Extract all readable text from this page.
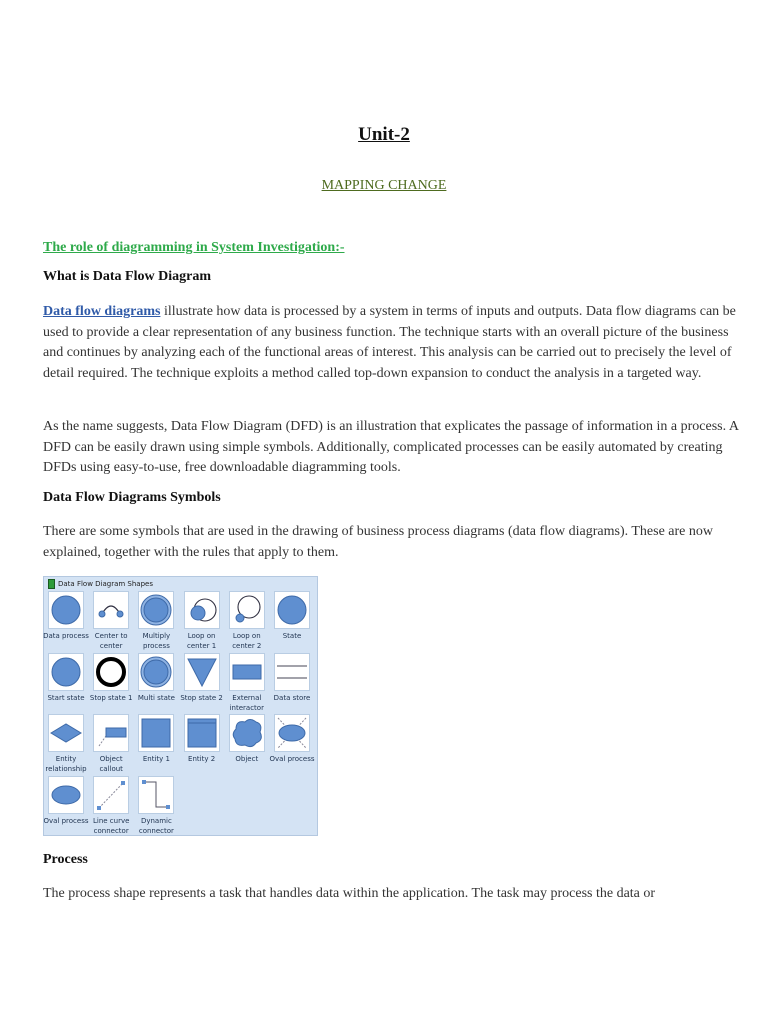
Unit-2
MAPPING CHANGE
The role of diagramming in System Investigation:-
What is Data Flow Diagram
Data flow diagrams illustrate how data is processed by a system in terms of inputs and outputs. Data flow diagrams can be used to provide a clear representation of any business function. The technique starts with an overall picture of the business and continues by analyzing each of the functional areas of interest. This analysis can be carried out to precisely the level of detail required. The technique exploits a method called top-down expansion to conduct the analysis in a targeted way.
As the name suggests, Data Flow Diagram (DFD) is an illustration that explicates the passage of information in a process. A DFD can be easily drawn using simple symbols. Additionally, complicated processes can be easily automated by creating DFDs using easy-to-use, free downloadable diagramming tools.
Data Flow Diagrams Symbols
There are some symbols that are used in the drawing of business process diagrams (data flow diagrams). These are now explained, together with the rules that apply to them.
Data Flow Diagram Shapes
Data process Center to center
Multiply process
Loop on center 1
Loop on center 2
State
Start state Stop state 1 Multi state Stop state 2	External interactor
Data store
Entity relationship
Object callout
Entity 1	Entity 2	Object	Oval process
Oval process Line curve connector
Dynamic connector
Process
The process shape represents a task that handles data within the application. The task may process the data or
